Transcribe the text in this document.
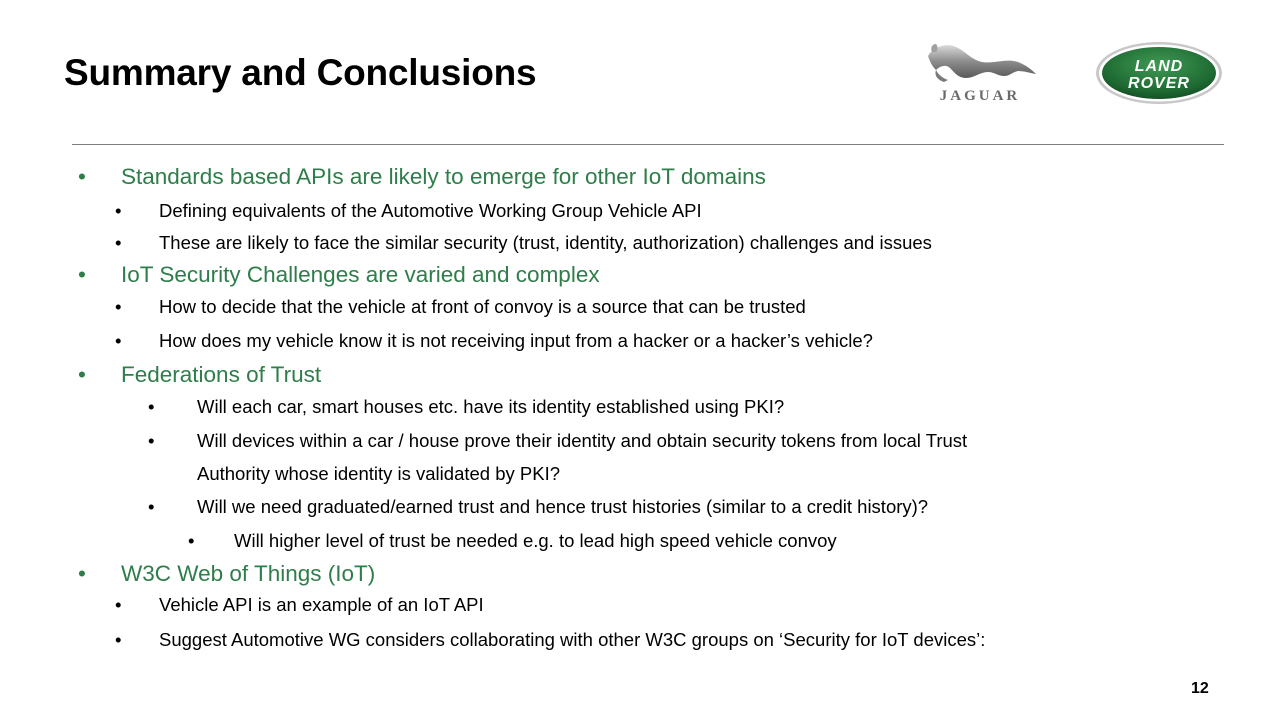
Summary and Conclusions
JAGUAR
LAND
ROVER
• Standards based APIs are likely to emerge for other IoT domains
• Defining equivalents of the Automotive Working Group Vehicle API
• These are likely to face the similar security (trust, identity, authorization) challenges and issues
• IoT Security Challenges are varied and complex
• How to decide that the vehicle at front of convoy is a source that can be trusted
• How does my vehicle know it is not receiving input from a hacker or a hacker’s vehicle?
• Federations of Trust
• Will each car, smart houses etc. have its identity established using PKI?
• Will devices within a car / house prove their identity and obtain security tokens from local Trust
Authority whose identity is validated by PKI?
• Will we need graduated/earned trust and hence trust histories (similar to a credit history)?
• Will higher level of trust be needed e.g. to lead high speed vehicle convoy
• W3C Web of Things (IoT)
• Vehicle API is an example of an IoT API
• Suggest Automotive WG considers collaborating with other W3C groups on ‘Security for IoT devices’:
12
